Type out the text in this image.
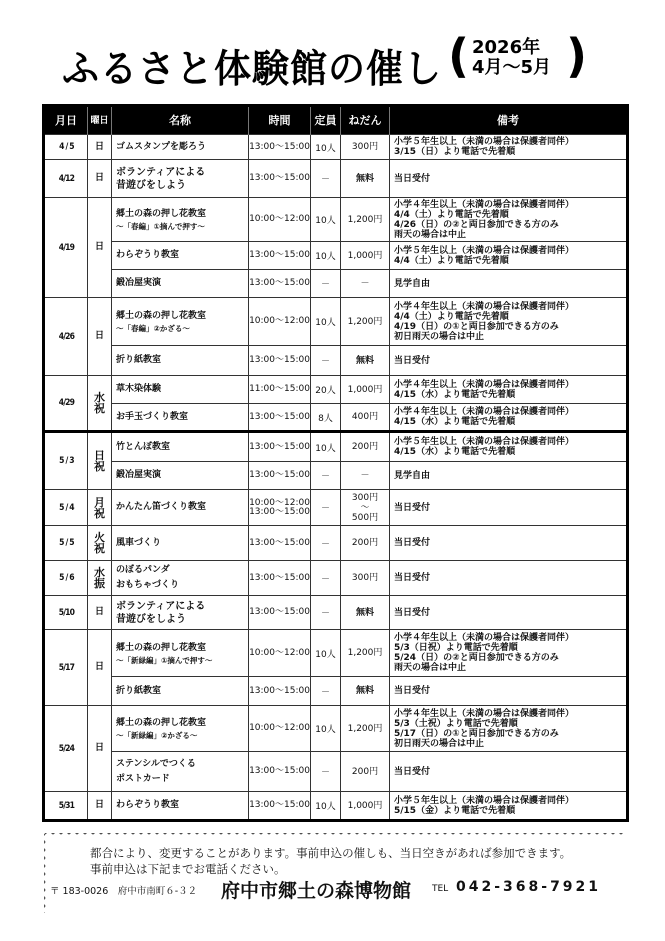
ふるさと体験館の催し ( 2026年
4月～5月 )
月日	曜日	名称	時間	定員	ねだん	備考
4 / 5	日	ゴムスタンプを彫ろう	13:00～15:00	10人	300円	小学５年生以上（未満の場合は保護者同伴）
3/15（日）より電話で先着順
4/12	日	ボランティアによる
昔遊びをしよう	13:00～15:00	－	無料	当日受付
4/19	日	郷土の森の押し花教室
～「春編」①摘んで押す～	10:00～12:00	10人	1,200円	小学４年生以上（未満の場合は保護者同伴）
4/4（土）より電話で先着順
4/26（日）の②と両日参加できる方のみ
雨天の場合は中止
		わらぞうり教室	13:00～15:00	10人	1,000円	小学５年生以上（未満の場合は保護者同伴）
4/4（土）より電話で先着順
		鍛冶屋実演	13:00～15:00	－	－	見学自由
4/26	日	郷土の森の押し花教室
～「春編」②かざる～	10:00～12:00	10人	1,200円	小学４年生以上（未満の場合は保護者同伴）
4/4（土）より電話で先着順
4/19（日）の①と両日参加できる方のみ
初日雨天の場合は中止
		折り紙教室	13:00～15:00	－	無料	当日受付
4/29	水
祝	草木染体験	11:00～15:00	20人	1,000円	小学４年生以上（未満の場合は保護者同伴）
4/15（水）より電話で先着順
		お手玉づくり教室	13:00～15:00	8人	400円	小学４年生以上（未満の場合は保護者同伴）
4/15（水）より電話で先着順
5 / 3	日
祝	竹とんぼ教室	13:00～15:00	10人	200円	小学５年生以上（未満の場合は保護者同伴）
4/15（水）より電話で先着順
		鍛冶屋実演	13:00～15:00	－	－	見学自由
5 / 4	月
祝	かんたん笛づくり教室	10:00～12:00
13:00～15:00	－	300円
～
500円	当日受付
5 / 5	火
祝	風車づくり	13:00～15:00	－	200円	当日受付
5 / 6	水
振	のぼるパンダ
おもちゃづくり	13:00～15:00	－	300円	当日受付
5/10	日	ボランティアによる
昔遊びをしよう	13:00～15:00	－	無料	当日受付
5/17	日	郷土の森の押し花教室
～「新緑編」①摘んで押す～	10:00～12:00	10人	1,200円	小学４年生以上（未満の場合は保護者同伴）
5/3（日祝）より電話で先着順
5/24（日）の②と両日参加できる方のみ
雨天の場合は中止
		折り紙教室	13:00～15:00	－	無料	当日受付
5/24	日	郷土の森の押し花教室
～「新緑編」②かざる～	10:00～12:00	10人	1,200円	小学４年生以上（未満の場合は保護者同伴）
5/3（土祝）より電話で先着順
5/17（日）の①と両日参加できる方のみ
初日雨天の場合は中止
		ステンシルでつくる
ポストカード	13:00～15:00	－	200円	当日受付
5/31	日	わらぞうり教室	13:00～15:00	10人	1,000円	小学５年生以上（未満の場合は保護者同伴）
5/15（金）より電話で先着順
都合により、変更することがあります。事前申込の催しも、当日空きがあれば参加できます。
事前申込は下記までお電話ください。
〒 183-0026　府中市南町６‐３２ 府中市郷土の森博物館 TEL 042-368-7921
